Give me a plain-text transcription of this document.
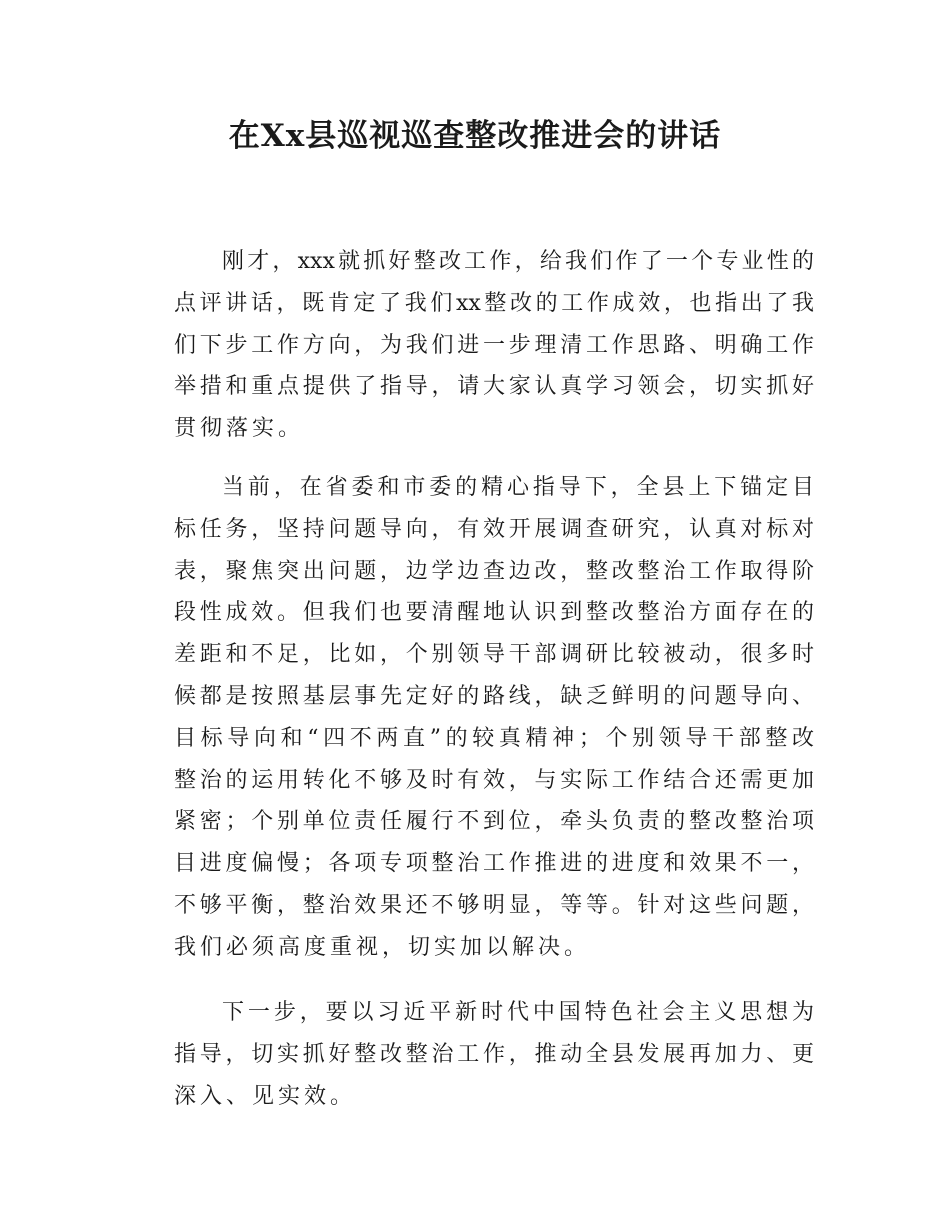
在Xx县巡视巡查整改推进会的讲话
刚才，xxx就抓好整改工作，给我们作了一个专业性的
点评讲话，既肯定了我们xx整改的工作成效，也指出了我
们下步工作方向，为我们进一步理清工作思路、明确工作
举措和重点提供了指导，请大家认真学习领会，切实抓好
贯彻落实。
当前，在省委和市委的精心指导下，全县上下锚定目
标任务，坚持问题导向，有效开展调查研究，认真对标对
表，聚焦突出问题，边学边查边改，整改整治工作取得阶
段性成效。但我们也要清醒地认识到整改整治方面存在的
差距和不足，比如，个别领导干部调研比较被动，很多时
候都是按照基层事先定好的路线，缺乏鲜明的问题导向、
目标导向和“四不两直”的较真精神；个别领导干部整改
整治的运用转化不够及时有效，与实际工作结合还需更加
紧密；个别单位责任履行不到位，牵头负责的整改整治项
目进度偏慢；各项专项整治工作推进的进度和效果不一，
不够平衡，整治效果还不够明显，等等。针对这些问题，
我们必须高度重视，切实加以解决。
下一步，要以习近平新时代中国特色社会主义思想为
指导，切实抓好整改整治工作，推动全县发展再加力、更
深入、见实效。
